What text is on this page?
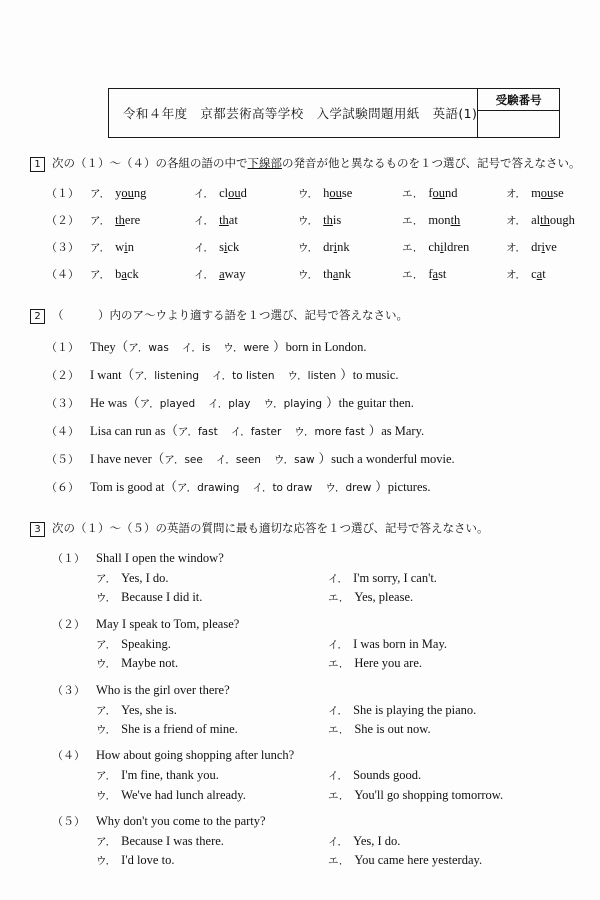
令和４年度　京都芸術高等学校　入学試験問題用紙　英語(1)
受験番号
1 次の（１）〜（４）の各組の語の中で下線部の発音が他と異なるものを１つ選び、記号で答えなさい。
（１）	ア． young	イ． cloud	ウ． house	エ． found	オ． mouse
（２）	ア． there	イ． that	ウ． this	エ． month	オ． although
（３）	ア． win	イ． sick	ウ． drink	エ． children	オ． drive
（４）	ア． back	イ． away	ウ． thank	エ． fast	オ． cat
2 （　　　）内のア〜ウより適する語を１つ選び、記号で答えなさい。
（１） They（ ア．was イ．is ウ．were ）born in London.
（２） I want（ ア．listening イ．to listen ウ．listen ）to music.
（３） He was（ ア．played イ．play ウ．playing ）the guitar then.
（４） Lisa can run as（ ア．fast イ．faster ウ．more fast ）as Mary.
（５） I have never（ ア．see イ．seen ウ．saw ）such a wonderful movie.
（６） Tom is good at（ ア．drawing イ．to draw ウ．drew ）pictures.
3 次の（１）〜（５）の英語の質問に最も適切な応答を１つ選び、記号で答えなさい。
（１） Shall I open the window?
ア． Yes, I do.	イ． I'm sorry, I can't.
ウ． Because I did it.	エ． Yes, please.
（２） May I speak to Tom, please?
ア． Speaking.	イ． I was born in May.
ウ． Maybe not.	エ． Here you are.
（３） Who is the girl over there?
ア． Yes, she is.	イ． She is playing the piano.
ウ． She is a friend of mine.	エ． She is out now.
（４） How about going shopping after lunch?
ア． I'm fine, thank you.	イ． Sounds good.
ウ． We've had lunch already.	エ． You'll go shopping tomorrow.
（５） Why don't you come to the party?
ア． Because I was there.	イ． Yes, I do.
ウ． I'd love to.	エ． You came here yesterday.
